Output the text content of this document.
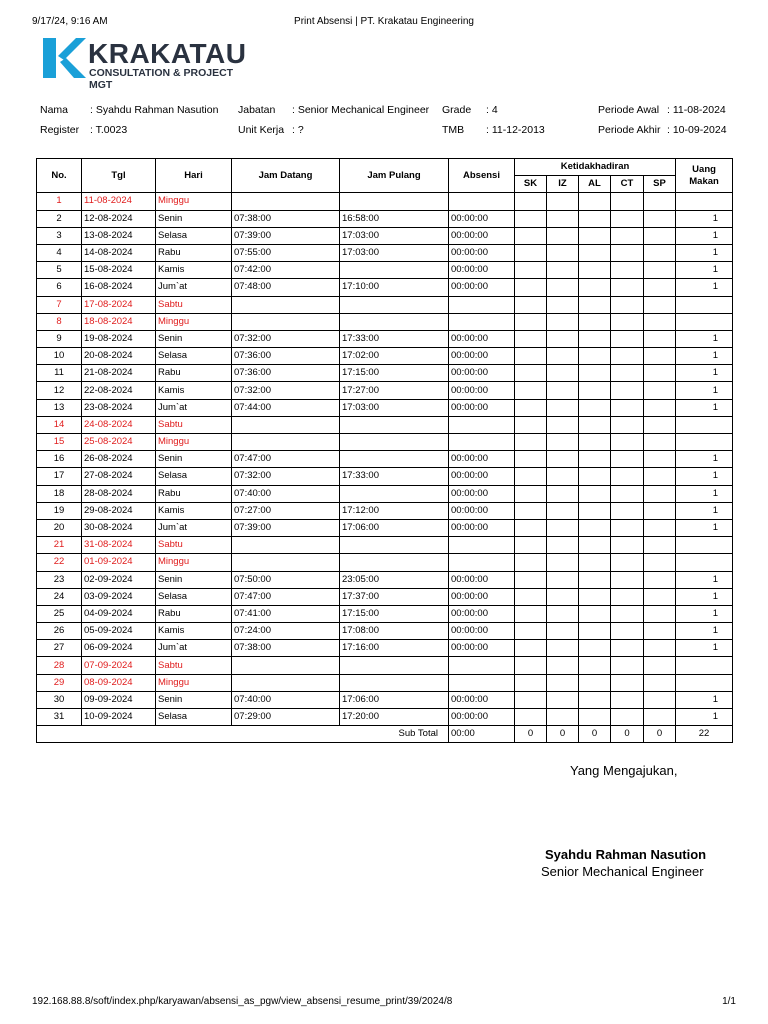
9/17/24, 9:16 AM	Print Absensi | PT. Krakatau Engineering
KRAKATAU
CONSULTATION & PROJECT MGT
Nama : Syahdu Rahman Nasution
Register : T.0023
Jabatan : Senior Mechanical Engineer
Unit Kerja : ?
Grade : 4
TMB : 11-12-2013
Periode Awal : 11-08-2024
Periode Akhir : 10-09-2024
No.	Tgl	Hari	Jam Datang	Jam Pulang	Absensi	Ketidakhadiran					Uang Makan
						SK	IZ	AL	CT	SP	
1	11-08-2024	Minggu									
2	12-08-2024	Senin	07:38:00	16:58:00	00:00:00						1
3	13-08-2024	Selasa	07:39:00	17:03:00	00:00:00						1
4	14-08-2024	Rabu	07:55:00	17:03:00	00:00:00						1
5	15-08-2024	Kamis	07:42:00		00:00:00						1
6	16-08-2024	Jum`at	07:48:00	17:10:00	00:00:00						1
7	17-08-2024	Sabtu									
8	18-08-2024	Minggu									
9	19-08-2024	Senin	07:32:00	17:33:00	00:00:00						1
10	20-08-2024	Selasa	07:36:00	17:02:00	00:00:00						1
11	21-08-2024	Rabu	07:36:00	17:15:00	00:00:00						1
12	22-08-2024	Kamis	07:32:00	17:27:00	00:00:00						1
13	23-08-2024	Jum`at	07:44:00	17:03:00	00:00:00						1
14	24-08-2024	Sabtu									
15	25-08-2024	Minggu									
16	26-08-2024	Senin	07:47:00		00:00:00						1
17	27-08-2024	Selasa	07:32:00	17:33:00	00:00:00						1
18	28-08-2024	Rabu	07:40:00		00:00:00						1
19	29-08-2024	Kamis	07:27:00	17:12:00	00:00:00						1
20	30-08-2024	Jum`at	07:39:00	17:06:00	00:00:00						1
21	31-08-2024	Sabtu									
22	01-09-2024	Minggu									
23	02-09-2024	Senin	07:50:00	23:05:00	00:00:00						1
24	03-09-2024	Selasa	07:47:00	17:37:00	00:00:00						1
25	04-09-2024	Rabu	07:41:00	17:15:00	00:00:00						1
26	05-09-2024	Kamis	07:24:00	17:08:00	00:00:00						1
27	06-09-2024	Jum`at	07:38:00	17:16:00	00:00:00						1
28	07-09-2024	Sabtu									
29	08-09-2024	Minggu									
30	09-09-2024	Senin	07:40:00	17:06:00	00:00:00						1
31	10-09-2024	Selasa	07:29:00	17:20:00	00:00:00						1
Sub Total					00:00	0	0	0	0	0	22
Yang Mengajukan,
Syahdu Rahman Nasution
Senior Mechanical Engineer
192.168.88.8/soft/index.php/karyawan/absensi_as_pgw/view_absensi_resume_print/39/2024/8	1/1
